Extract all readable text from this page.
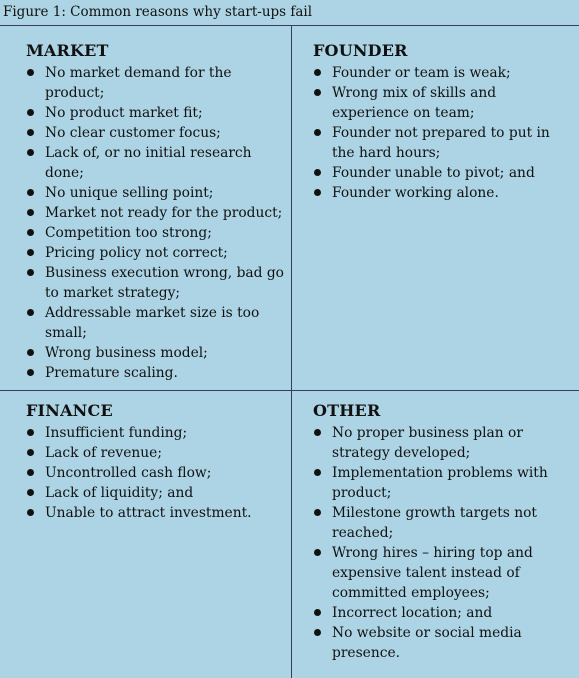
Figure 1: Common reasons why start-ups fail
MARKET
No market demand for the product;
No product market fit;
No clear customer focus;
Lack of, or no initial research done;
No unique selling point;
Market not ready for the product;
Competition too strong;
Pricing policy not correct;
Business execution wrong, bad go to market strategy;
Addressable market size is too small;
Wrong business model;
Premature scaling.
FOUNDER
Founder or team is weak;
Wrong mix of skills and experience on team;
Founder not prepared to put in the hard hours;
Founder unable to pivot; and
Founder working alone.
FINANCE
Insufficient funding;
Lack of revenue;
Uncontrolled cash flow;
Lack of liquidity; and
Unable to attract investment.
OTHER
No proper business plan or strategy developed;
Implementation problems with product;
Milestone growth targets not reached;
Wrong hires – hiring top and expensive talent instead of committed employees;
Incorrect location; and
No website or social media presence.
